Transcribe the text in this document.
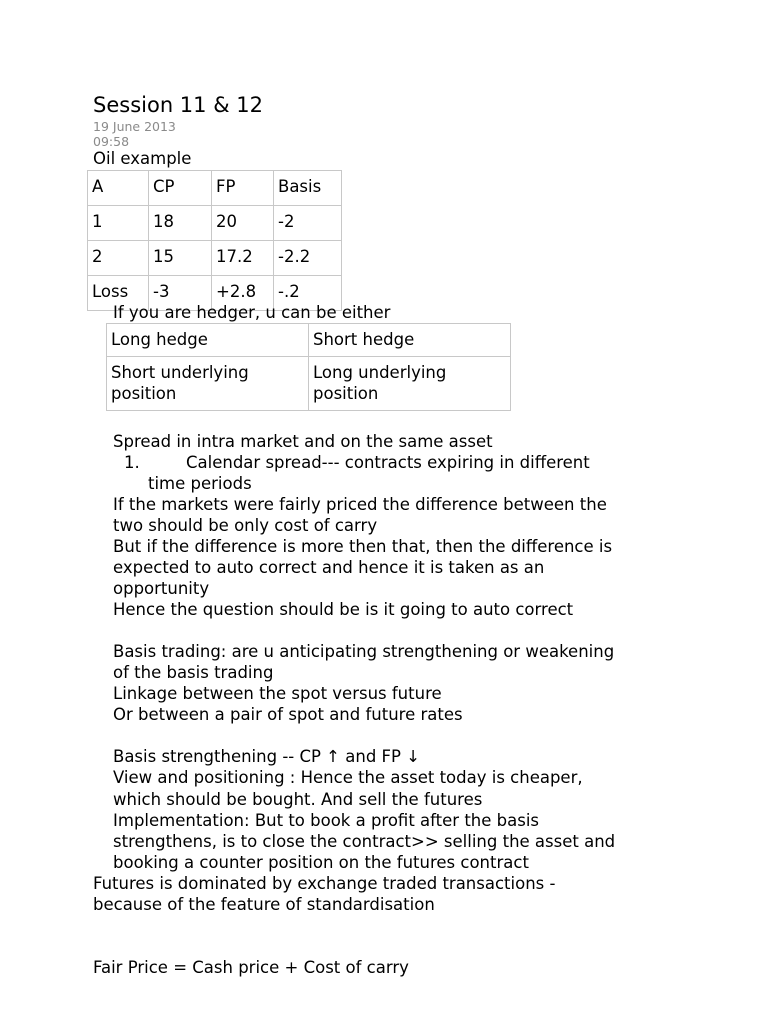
Session 11 & 12
19 June 2013
09:58
Oil example
A	CP	FP	Basis
1	18	20	-2
2	15	17.2	-2.2
Loss	-3	+2.8	-.2
If you are hedger, u can be either
Long hedge	Short hedge
Short underlying position	Long underlying position
Spread in intra market and on the same asset
1.	Calendar spread--- contracts expiring in different
time periods
If the markets were fairly priced the difference between the
two should be only cost of carry
But if the difference is more then that, then the difference is
expected to auto correct and hence it is taken as an
opportunity
Hence the question should be is it going to auto correct
Basis trading: are u anticipating strengthening or weakening
of the basis trading
Linkage between the spot versus future
Or between a pair of spot and future rates
Basis strengthening -- CP ↑ and FP ↓
View and positioning : Hence the asset today is cheaper,
which should be bought. And sell the futures
Implementation: But to book a profit after the basis
strengthens, is to close the contract>> selling the asset and
booking a counter position on the futures contract
Futures is dominated by exchange traded transactions -
because of the feature of standardisation
Fair Price = Cash price + Cost of carry
